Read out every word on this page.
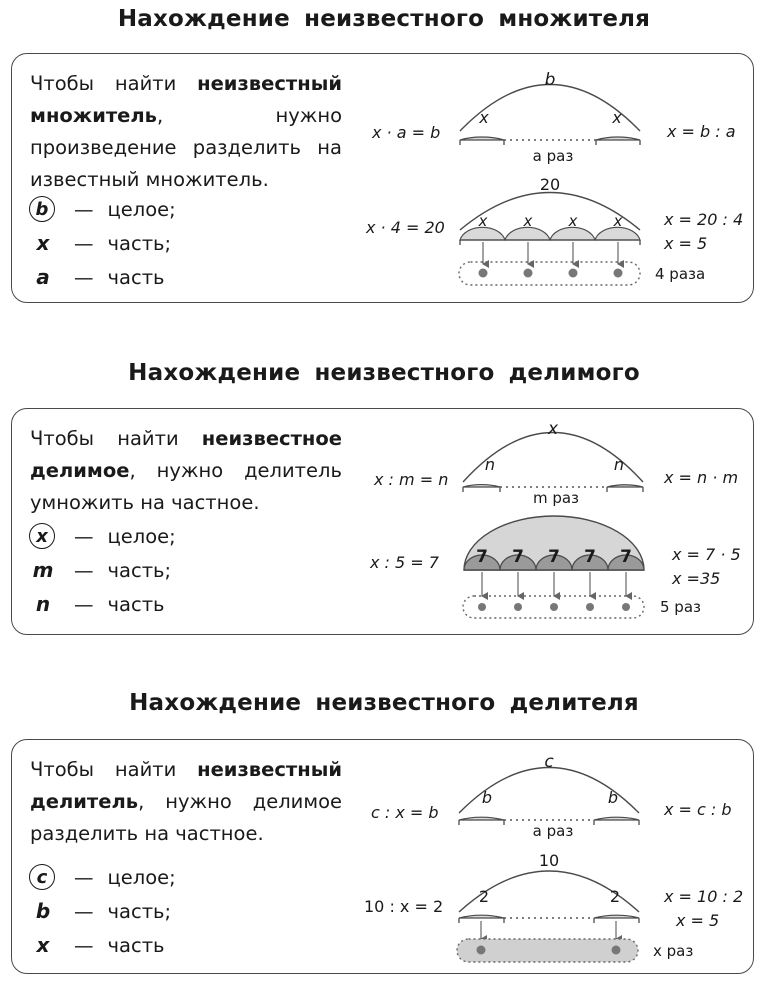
Нахождение неизвестного множителя

Чтобы найти неизвестный множитель, нужно произведение разделить на известный множитель.

b	— целое;
x	— часть;
a	— часть
Нахождение неизвестного делимого

Чтобы найти неизвестное делимое, нужно делитель умножить на частное.

x	— целое;
m — часть;
n	— часть
Нахождение неизвестного делителя

Чтобы найти неизвестный делитель, нужно делимое разделить на частное.

c	— целое;
b	— часть;
x	— часть
b
x	x
a раз
x · a = b	x = b : a
20
x x x x
4 раза
x · 4 = 20	x = 20 : 4
x = 5
x
n	n
m раз
x : m = n	x = n · m
7 7 7 7 7
5 раз
x : 5 = 7	x = 7 · 5
x =35
c
b	b
a раз
c : x = b	x = c : b
10
2	2
x раз
10 : x = 2
x = 10 : 2
x = 5
